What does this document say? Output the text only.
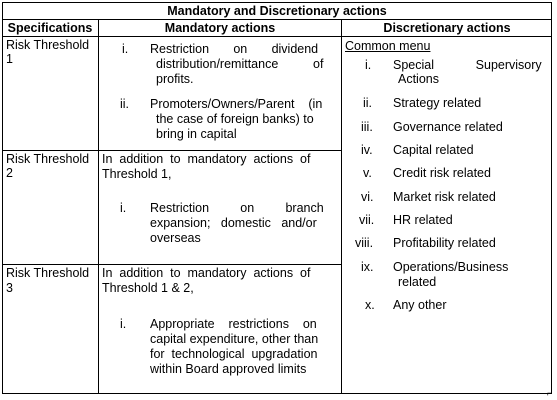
Mandatory and Discretionary actions
Specifications	Mandatory actions	Discretionary actions
Risk Threshold
1
i. Restriction       on       dividend
distribution/remittance          of
profits.
ii. Promoters/Owners/Parent    (in
the case of foreign banks) to
bring in capital
Risk Threshold
2
In  addition  to  mandatory  actions  of
Threshold 1,
i. Restriction         on         branch
expansion;   domestic   and/or
overseas
Risk Threshold
3
In  addition  to  mandatory  actions  of
Threshold 1 & 2,
i. Appropriate    restrictions    on
capital expenditure, other than
for  technological  upgradation
within Board approved limits
Common menu
i. Special            Supervisory
Actions
ii. Strategy related
iii. Governance related
iv. Capital related
v. Credit risk related
vi. Market risk related
vii. HR related
viii. Profitability related
ix. Operations/Business
related
x. Any other
⌐
